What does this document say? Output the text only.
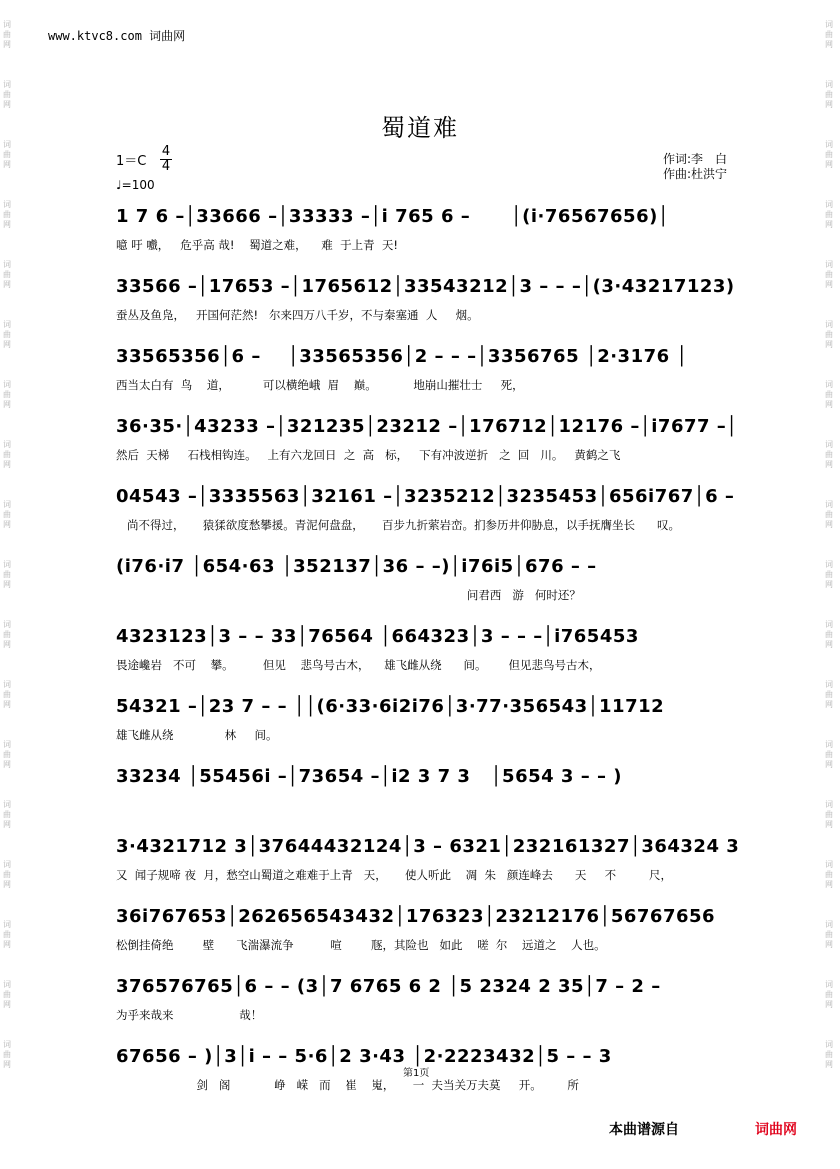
词
曲
网
词
曲
网
词
曲
网
词
曲
网
词
曲
网
词
曲
网
词
曲
网
词
曲
网
词
曲
网
词
曲
网
词
曲
网
词
曲
网
词
曲
网
词
曲
网
词
曲
网
词
曲
网
词
曲
网
词
曲
网
词
曲
网
词
曲
网
词
曲
网
词
曲
网
词
曲
网
词
曲
网
词
曲
网
词
曲
网
词
曲
网
词
曲
网
词
曲
网
词
曲
网
词
曲
网
词
曲
网
词
曲
网
词
曲
网
词
曲
网
词
曲
网
www.ktvc8.com 词曲网
蜀道难
$1=C \frac{4}{4}$
♩=100
作词:李　白
作曲:杜洪宁
1 7 6 –│33666 –│33333 –│i 765 6 –      │(i·76567656)│
噫 吁 嚱，   危乎高 哉!    蜀道之难，    难  于上青  天!
33566 –│17653 –│1765612│33543212│3 – – –│(3·43217123)
蚕丛及鱼凫，   开国何茫然!   尔来四万八千岁，不与秦塞通  人     烟。
33565356│6 –    │33565356│2 – – –│3356765 │2·3176 │
西当太白有  鸟    道，         可以横绝峨  眉    巅。          地崩山摧壮士     死，
36·35·│43233 –│321235│23212 –│176712│12176 –│i7677 –│
然后  天梯     石栈相钩连。   上有六龙回日  之  高   标，   下有冲波逆折   之  回   川。   黄鹤之飞
04543 –│3335563│32161 –│3235212│3235453│656i767│6 –
尚不得过，     猿猱欲度愁攀援。青泥何盘盘，     百步九折萦岩峦。扪参历井仰胁息，以手抚膺坐长      叹。
(i76·i7 │654·63 │352137│36 – –)│i76i5│676 – –
问君西   游   何时还？
4323123│3 – – 33│76564 │664323│3 – – –│i765453
畏途巉岩   不可    攀。        但见    悲鸟号古木，    雄飞雌从绕      间。      但见悲鸟号古木，
54321 –│23 7 – – ││(6·33·6i2i76│3·77·356543│11712
雄飞雌从绕              林     间。
33234 │55456i –│73654 –│i2 3 7 3   │5654 3 – – )
3·4321712 3│37644432124│3 – 6321│232161327│364324 3
又  闻子规啼 夜  月，愁空山蜀道之难难于上青   天，     使人听此    凋  朱   颜连峰去      天     不         尺，
36i767653│262656543432│176323│23212176│56767656
松倒挂倚绝        壁      飞湍瀑流争          喧        豗，其险也   如此    嗟  尔    远道之    人也。
376576765│6 – – (3│7 6765 6 2 │5 2324 2 35│7 – 2 –
为乎来哉来                  哉！
67656 – )│3│i – – 5·6│2 3·43 │2·2223432│5 – – 3
剑   阁            峥   嵘   而    崔    嵬，     一  夫当关万夫莫     开。       所
第1页
本曲谱源自	词曲网
